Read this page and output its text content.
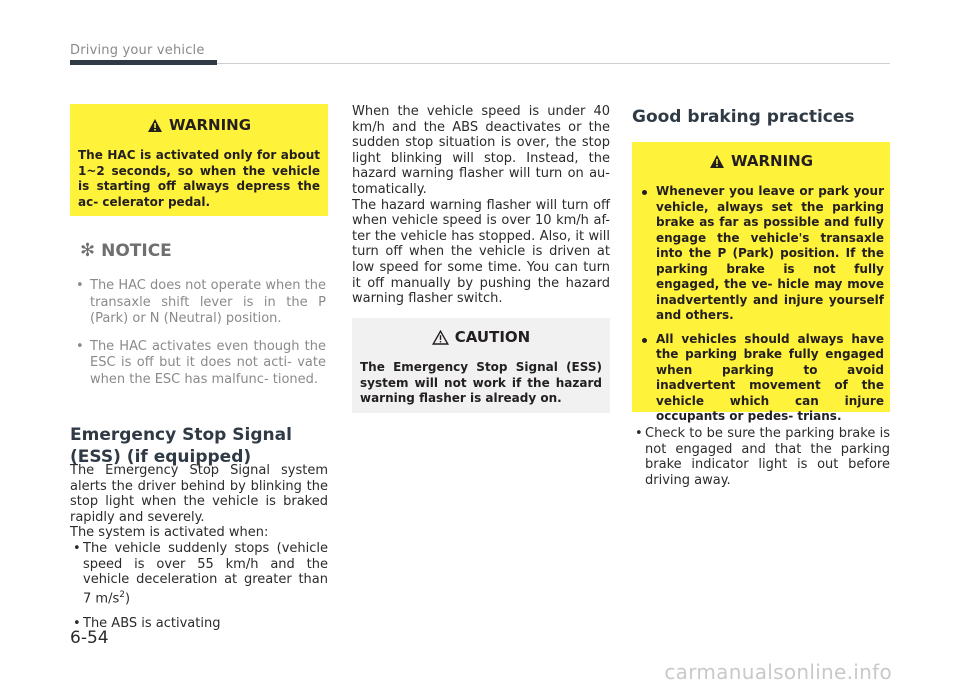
Driving your vehicle
WARNING
The HAC is activated only for about 1~2 seconds, so when the vehicle is starting off always depress the ac- celerator pedal.
✻ NOTICE
• The HAC does not operate when the transaxle shift lever is in the P (Park) or N (Neutral) position.
• The HAC activates even though the ESC is off but it does not acti- vate when the ESC has malfunc- tioned.
Emergency Stop Signal (ESS) (if equipped)

The Emergency Stop Signal system alerts the driver behind by blinking the stop light when the vehicle is braked rapidly and severely.

The system is activated when:

• The vehicle suddenly stops (vehicle speed is over 55 km/h and the vehicle deceleration at greater than 7 $m/s^2$)
• The ABS is activating

When the vehicle speed is under 40 km/h and the ABS deactivates or the sudden stop situation is over, the stop light blinking will stop. Instead, the hazard warning flasher will turn on au- tomatically.

The hazard warning flasher will turn off when vehicle speed is over 10 km/h af- ter the vehicle has stopped. Also, it will turn off when the vehicle is driven at low speed for some time. You can turn it off manually by pushing the hazard warning flasher switch.

CAUTION
The Emergency Stop Signal (ESS) system will not work if the hazard warning flasher is already on.
Good braking practices
WARNING
Whenever you leave or park your vehicle, always set the parking brake as far as possible and fully engage the vehicle's transaxle into the P (Park) position. If the parking brake is not fully engaged, the ve- hicle may move inadvertently and injure yourself and others.
All vehicles should always have the parking brake fully engaged when parking to avoid inadvertent movement of the vehicle which can injure occupants or pedes- trians.
• Check to be sure the parking brake is not engaged and that the parking brake indicator light is out before driving away.
6-54
carmanualsonline.info
